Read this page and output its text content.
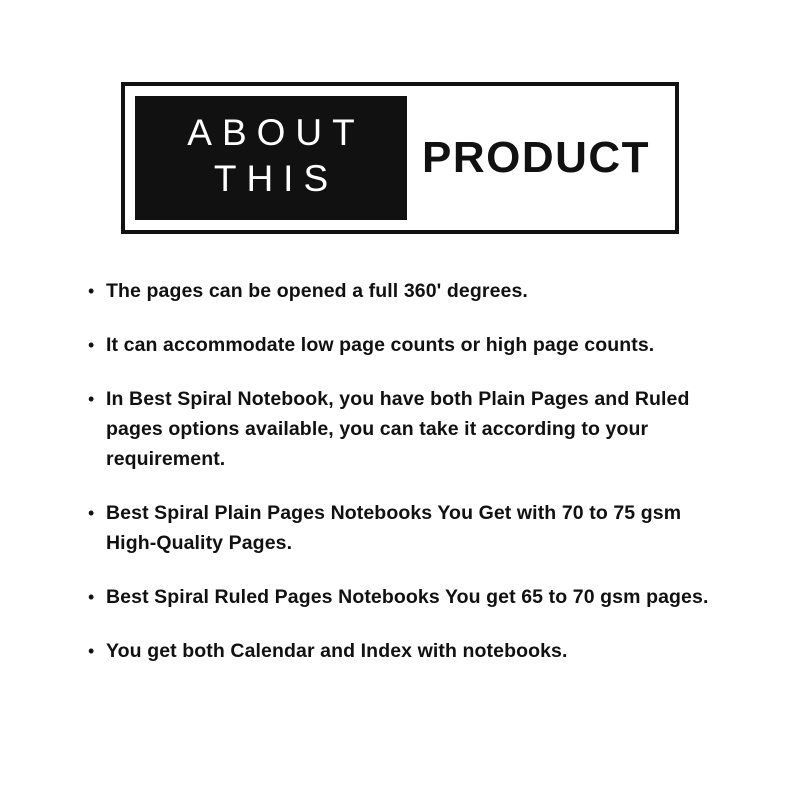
ABOUT
THIS PRODUCT
• The pages can be opened a full 360' degrees.
• It can accommodate low page counts or high page counts.
• In Best Spiral Notebook, you have both Plain Pages and Ruled pages options available, you can take it according to your requirement.
• Best Spiral Plain Pages Notebooks You Get with 70 to 75 gsm High-Quality Pages.
• Best Spiral Ruled Pages Notebooks You get 65 to 70 gsm pages.
• You get both Calendar and Index with notebooks.
